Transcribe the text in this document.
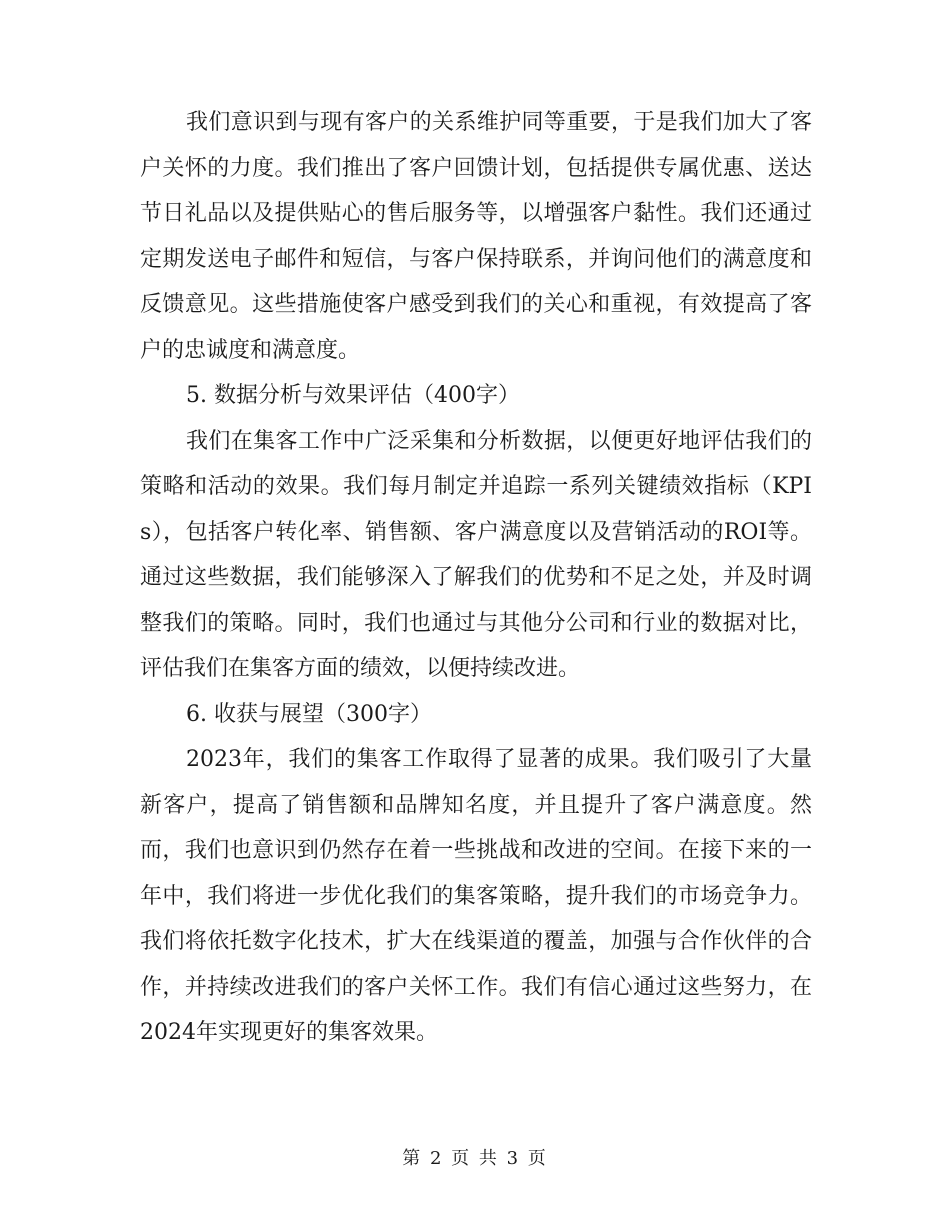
我们意识到与现有客户的关系维护同等重要，于是我们加大了客户关怀的力度。我们推出了客户回馈计划，包括提供专属优惠、送达节日礼品以及提供贴心的售后服务等，以增强客户黏性。我们还通过定期发送电子邮件和短信，与客户保持联系，并询问他们的满意度和反馈意见。这些措施使客户感受到我们的关心和重视，有效提高了客户的忠诚度和满意度。

5. 数据分析与效果评估（400字）

我们在集客工作中广泛采集和分析数据，以便更好地评估我们的策略和活动的效果。我们每月制定并追踪一系列关键绩效指标（KPIs），包括客户转化率、销售额、客户满意度以及营销活动的ROI等。通过这些数据，我们能够深入了解我们的优势和不足之处，并及时调整我们的策略。同时，我们也通过与其他分公司和行业的数据对比，评估我们在集客方面的绩效，以便持续改进。

6. 收获与展望（300字）

2023年，我们的集客工作取得了显著的成果。我们吸引了大量新客户，提高了销售额和品牌知名度，并且提升了客户满意度。然而，我们也意识到仍然存在着一些挑战和改进的空间。在接下来的一年中，我们将进一步优化我们的集客策略，提升我们的市场竞争力。我们将依托数字化技术，扩大在线渠道的覆盖，加强与合作伙伴的合作，并持续改进我们的客户关怀工作。我们有信心通过这些努力，在2024年实现更好的集客效果。

第 2 页 共 3 页
